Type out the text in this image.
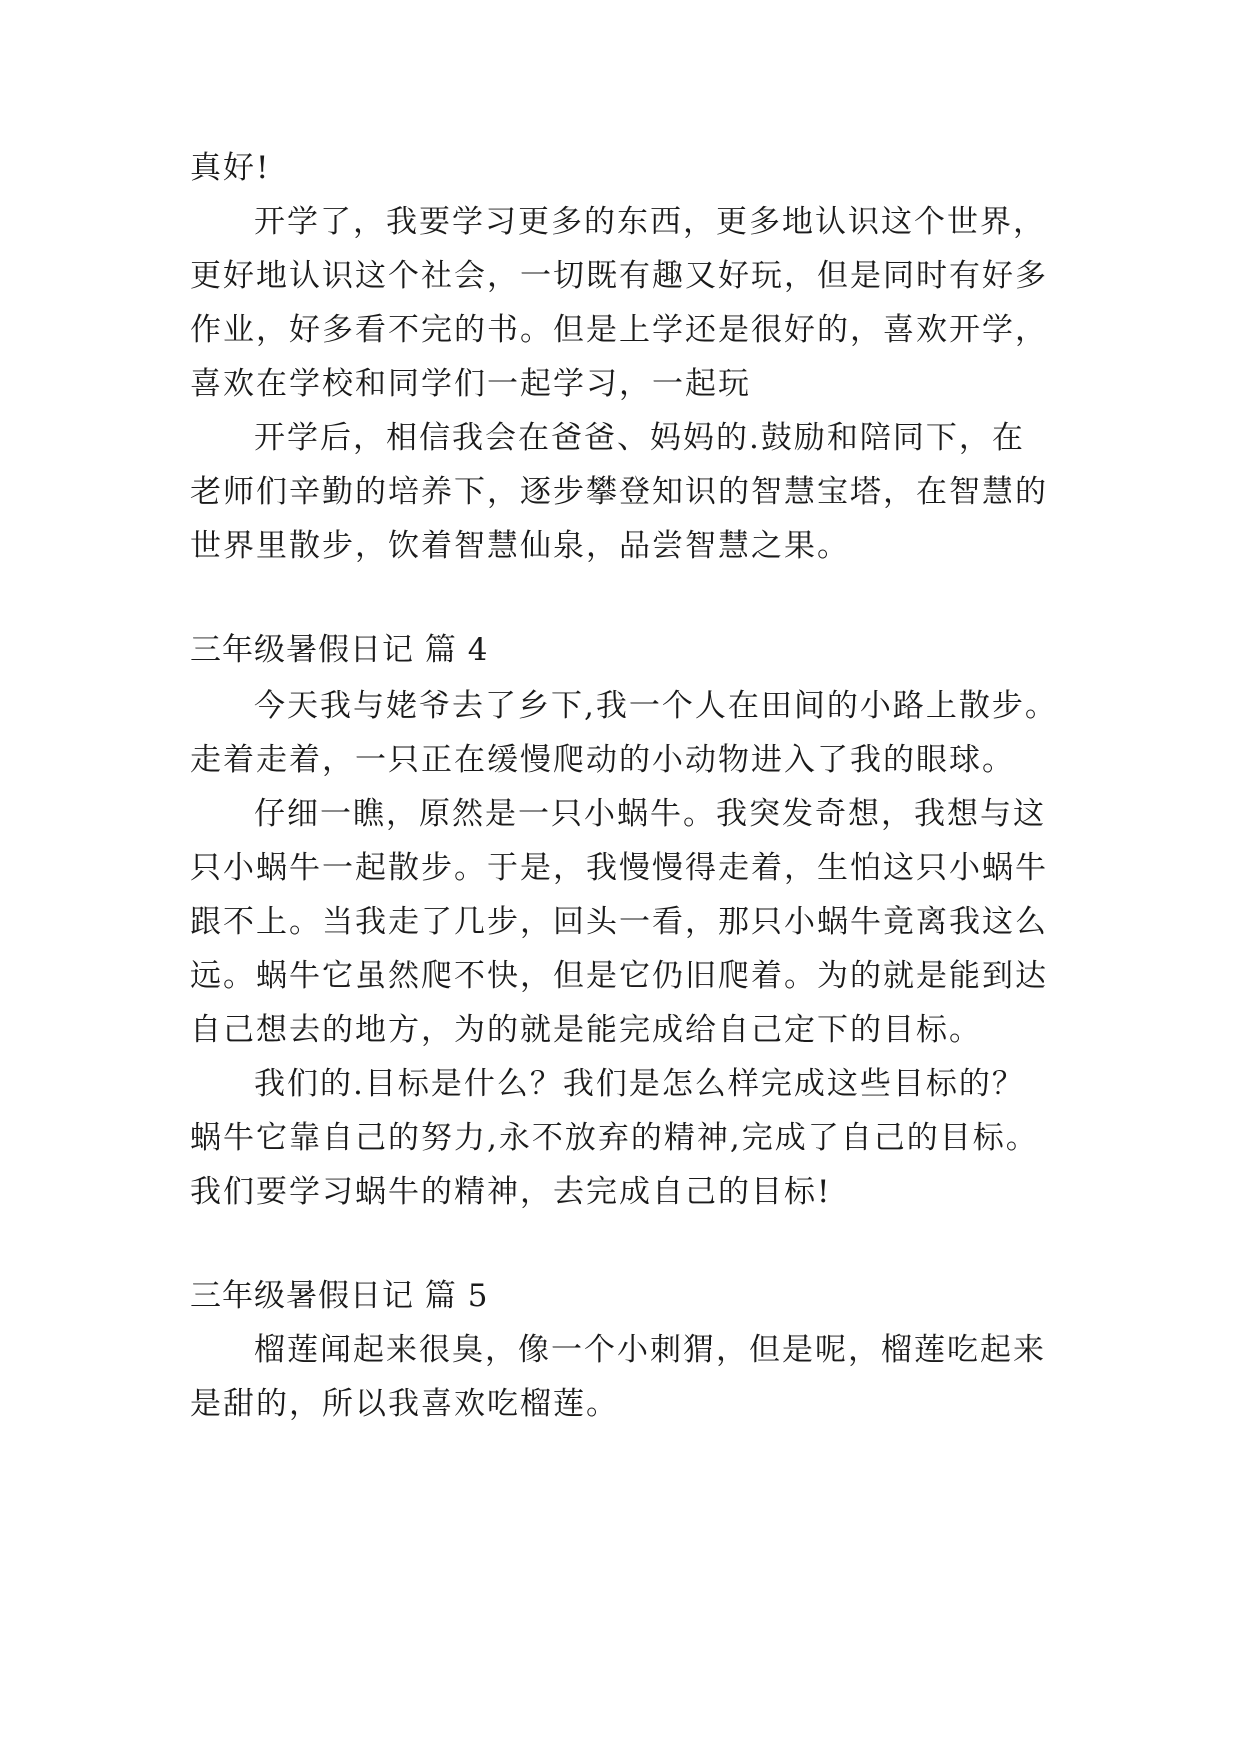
真好!
开学了，我要学习更多的东西，更多地认识这个世界，
更好地认识这个社会，一切既有趣又好玩，但是同时有好多
作业，好多看不完的书。但是上学还是很好的，喜欢开学，
喜欢在学校和同学们一起学习，一起玩
开学后，相信我会在爸爸、妈妈的.鼓励和陪同下，在
老师们辛勤的培养下，逐步攀登知识的智慧宝塔，在智慧的
世界里散步，饮着智慧仙泉，品尝智慧之果。
三年级暑假日记 篇 4
今天我与姥爷去了乡下,我一个人在田间的小路上散步。
走着走着，一只正在缓慢爬动的小动物进入了我的眼球。
仔细一瞧，原然是一只小蜗牛。我突发奇想，我想与这
只小蜗牛一起散步。于是，我慢慢得走着，生怕这只小蜗牛
跟不上。当我走了几步，回头一看，那只小蜗牛竟离我这么
远。蜗牛它虽然爬不快，但是它仍旧爬着。为的就是能到达
自己想去的地方，为的就是能完成给自己定下的目标。
我们的.目标是什么？我们是怎么样完成这些目标的？
蜗牛它靠自己的努力,永不放弃的精神,完成了自己的目标。
我们要学习蜗牛的精神，去完成自己的目标!
三年级暑假日记 篇 5
榴莲闻起来很臭，像一个小刺猬，但是呢，榴莲吃起来
是甜的，所以我喜欢吃榴莲。
